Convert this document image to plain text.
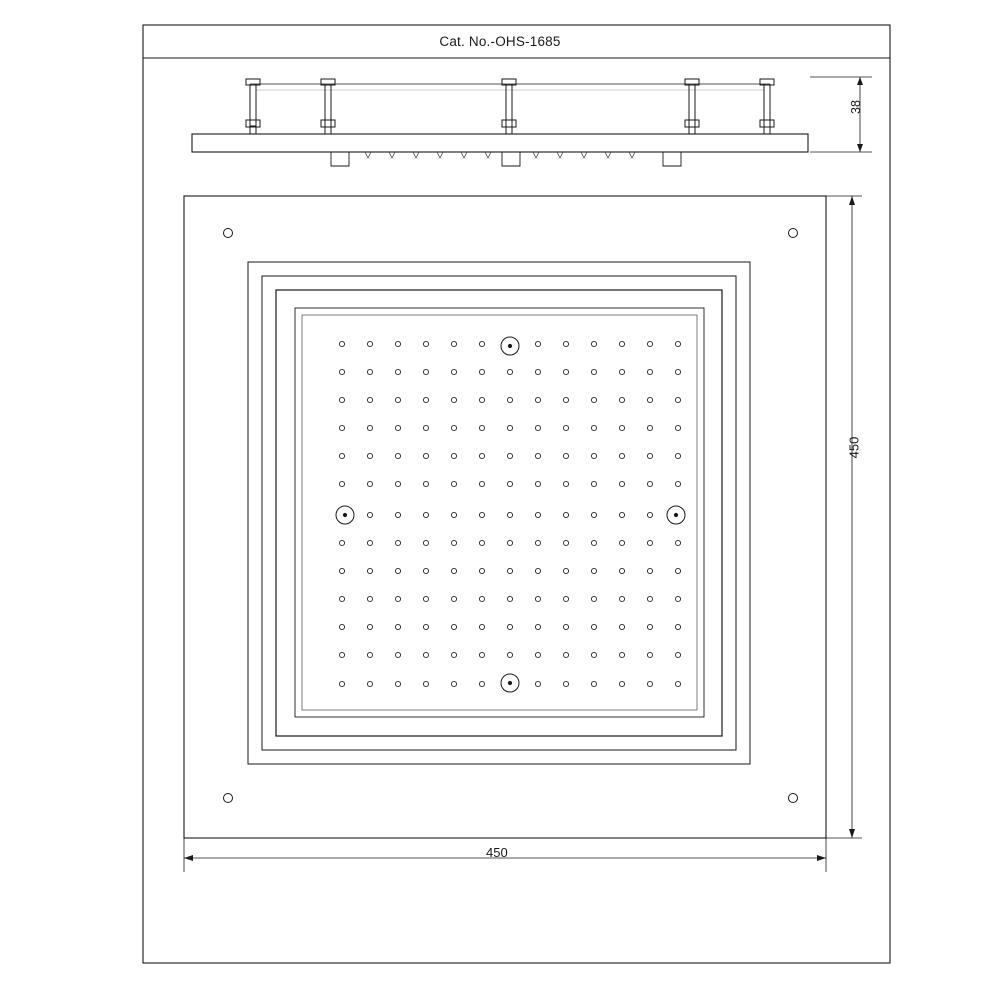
Cat. No.-OHS-1685
450
450
38
